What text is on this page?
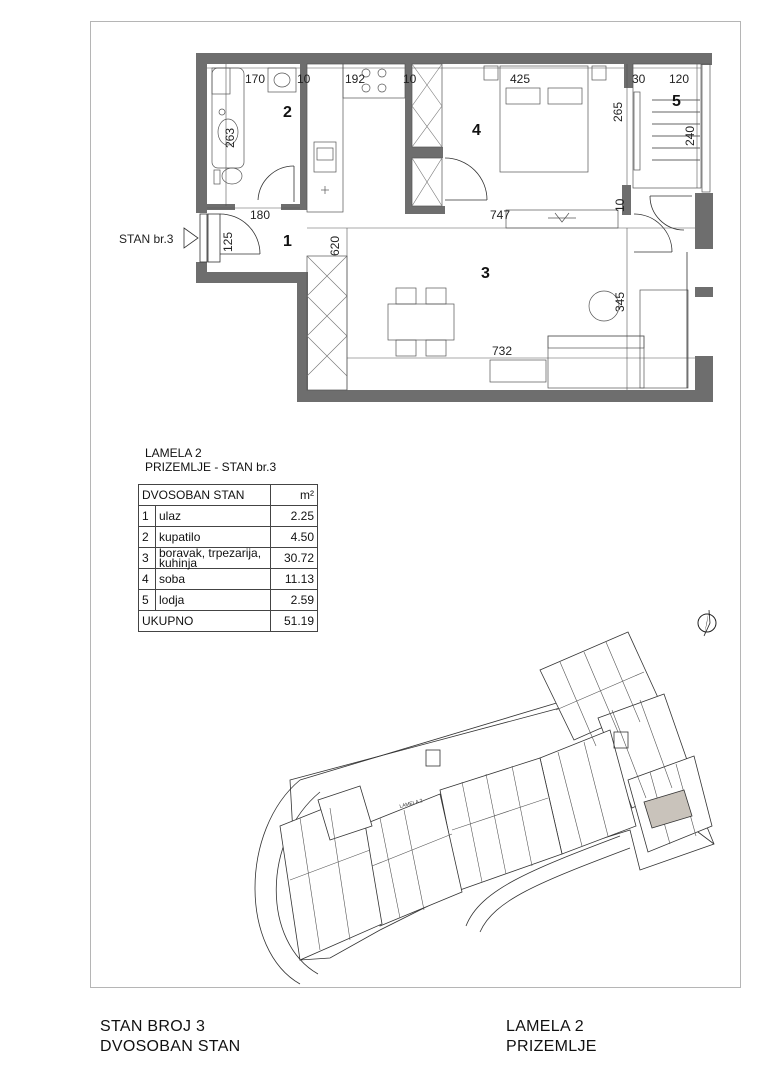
170	10	192	10	425	30 120
180	747
732
265
240
263
10
125	620
345
1
2
3
4
5
STAN br.3
LAMELA 2
PRIZEMLJE - STAN br.3
DVOSOBAN STAN		m²
1	ulaz	2.25
2	kupatilo	4.50
3	boravak, trpezarija, kuhinja	30.72
4	soba	11.13
5	lodja	2.59
UKUPNO		51.19
LAMELA 2
STAN BROJ 3
DVOSOBAN STAN
LAMELA 2
PRIZEMLJE
